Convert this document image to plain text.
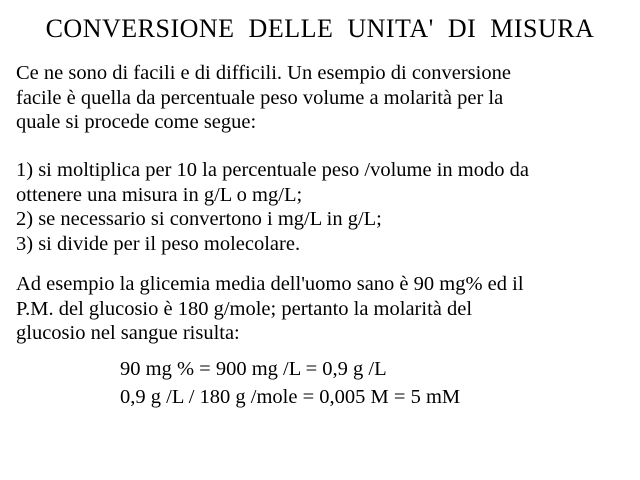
CONVERSIONE  DELLE  UNITA'  DI  MISURA

Ce ne sono di facili e di difficili. Un esempio di conversione
facile è quella da percentuale peso volume a molarità per la
quale si procede come segue:

1) si moltiplica per 10 la percentuale peso /volume in modo da
ottenere una misura in g/L o mg/L;
2) se necessario si convertono i mg/L in g/L;
3) si divide per il peso molecolare.

Ad esempio la glicemia media dell'uomo sano è 90 mg% ed il
P.M. del glucosio è 180 g/mole; pertanto la molarità del
glucosio nel sangue risulta:

90 mg % = 900 mg /L = 0,9 g /L
0,9 g /L / 180 g /mole = 0,005 M = 5 mM
